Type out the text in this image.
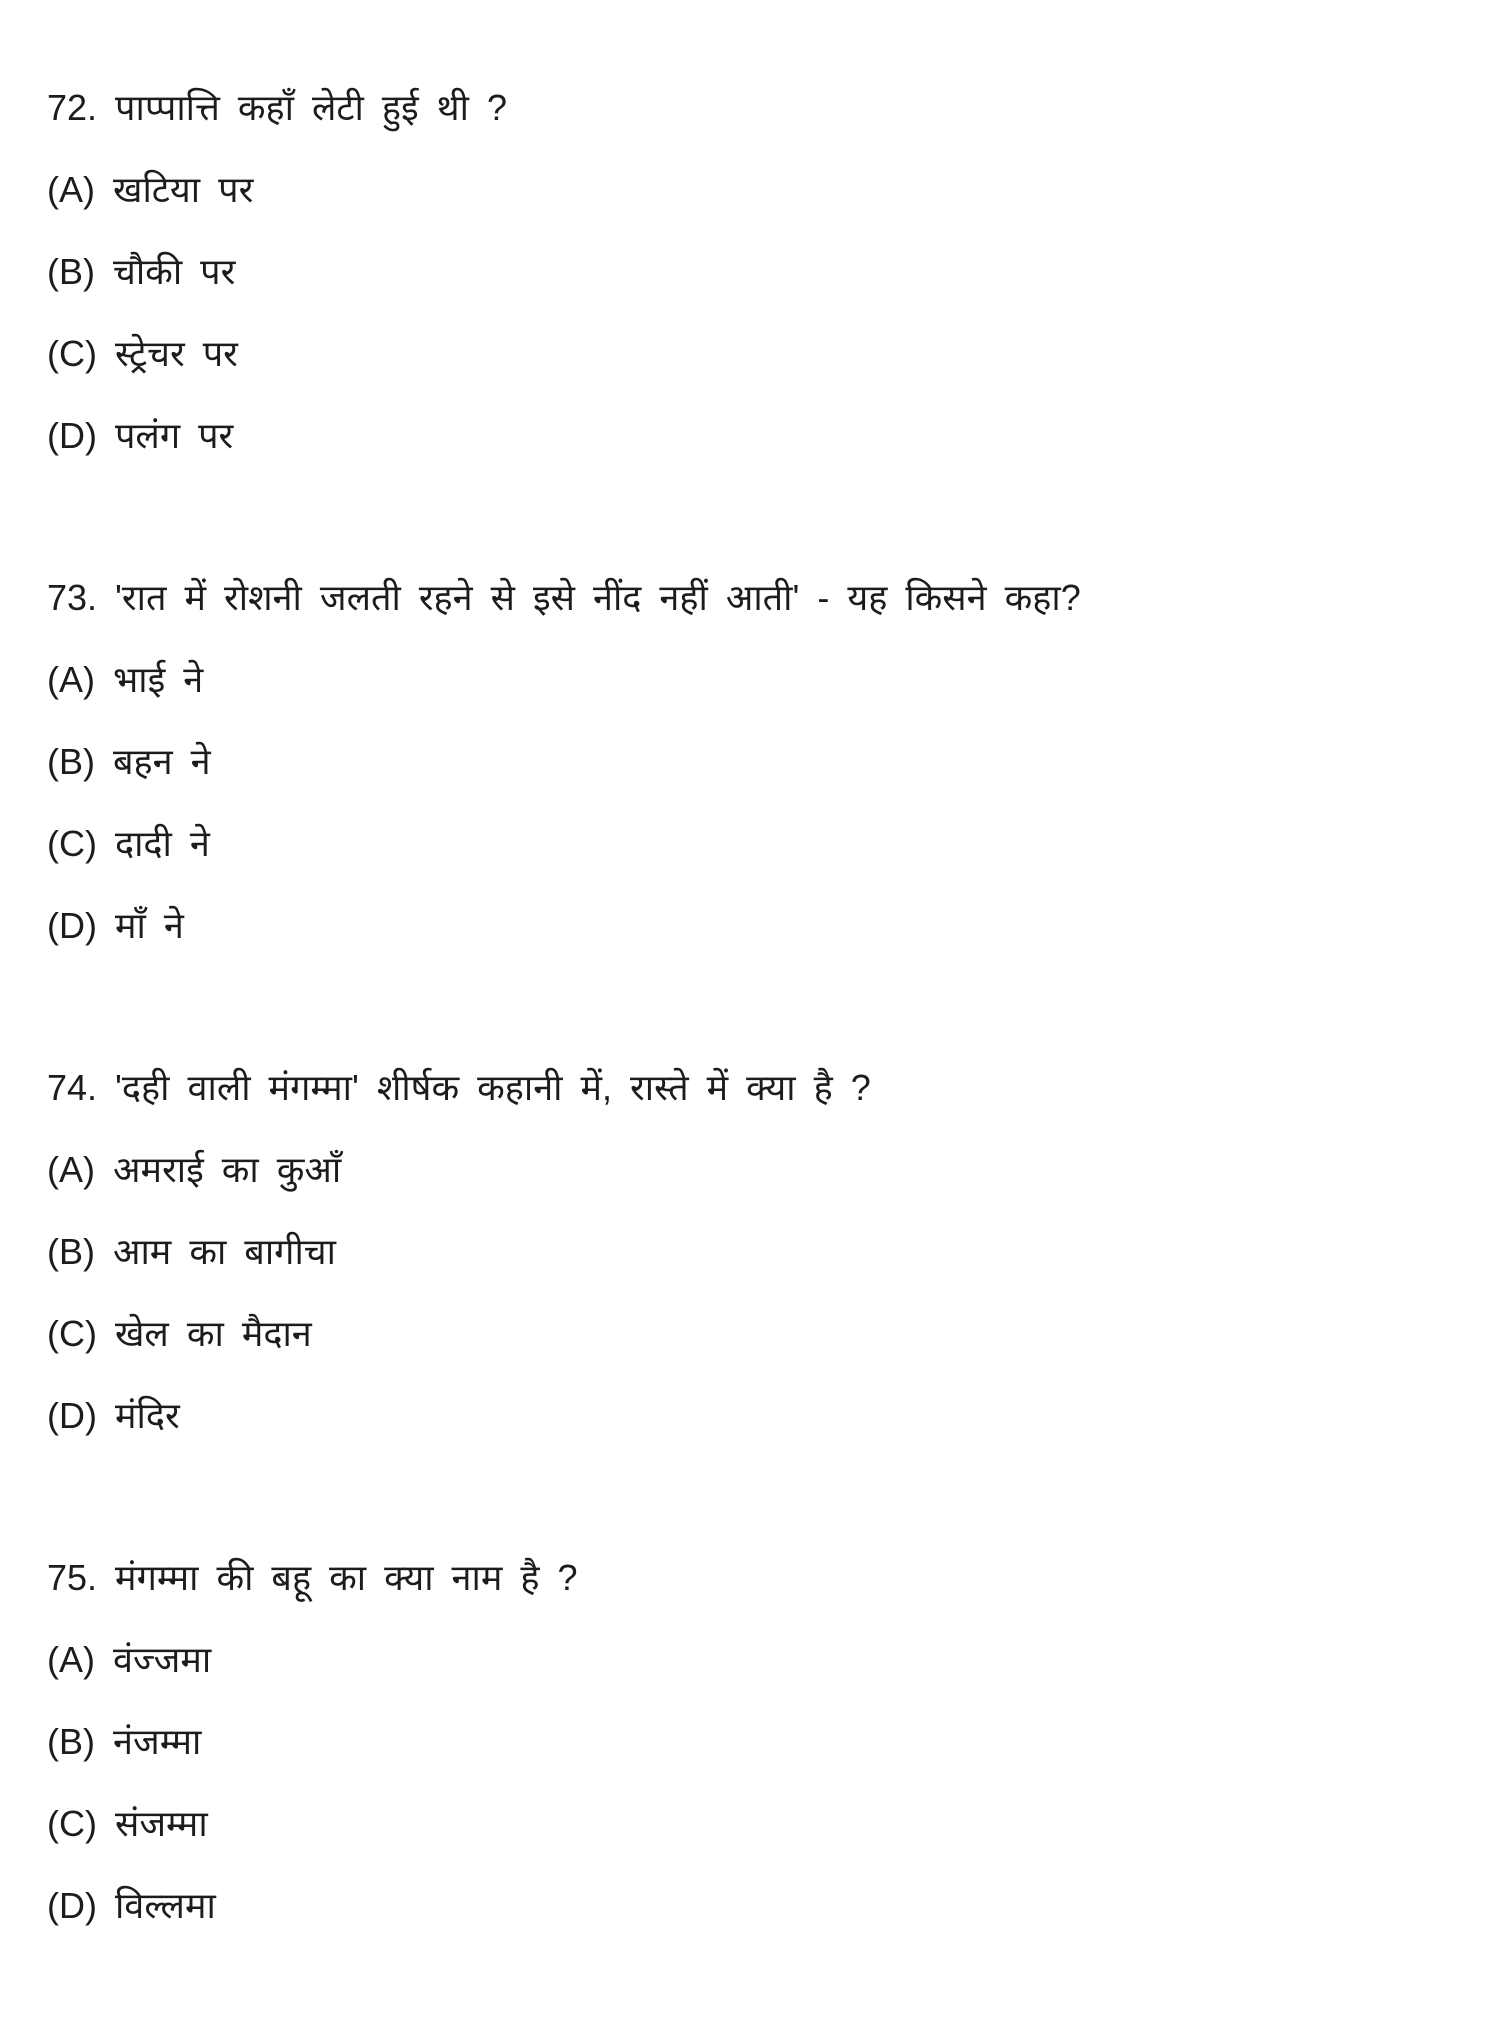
72. पाप्पात्ति कहाँ लेटी हुई थी ?
(A) खटिया पर
(B) चौकी पर
(C) स्ट्रेचर पर
(D) पलंग पर
73. 'रात में रोशनी जलती रहने से इसे नींद नहीं आती' - यह किसने कहा?
(A) भाई ने
(B) बहन ने
(C) दादी ने
(D) माँ ने
74. 'दही वाली मंगम्मा' शीर्षक कहानी में, रास्ते में क्या है ?
(A) अमराई का कुआँ
(B) आम का बागीचा
(C) खेल का मैदान
(D) मंदिर
75. मंगम्मा की बहू का क्या नाम है ?
(A) वंज्जमा
(B) नंजम्मा
(C) संजम्मा
(D) विल्लमा
